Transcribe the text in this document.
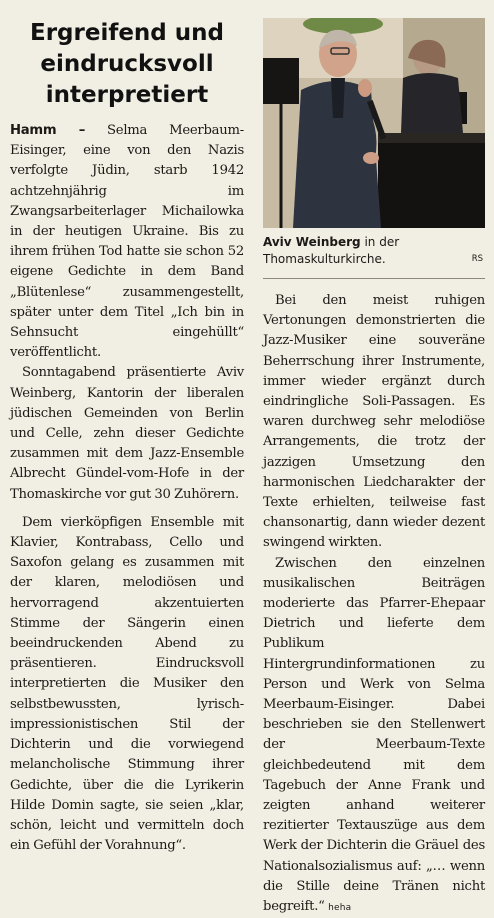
Ergreifend und
eindrucksvoll
interpretiert

Hamm – Selma Meerbaum-Eisinger, eine von den Nazis verfolgte Jüdin, starb 1942 achtzehnjährig im Zwangsarbeiterlager Michailowka in der heutigen Ukraine. Bis zu ihrem frühen Tod hatte sie schon 52 eigene Gedichte in dem Band „Blütenlese“ zusammengestellt, später unter dem Titel „Ich bin in Sehnsucht eingehüllt“ veröffentlicht.

Sonntagabend präsentierte Aviv Weinberg, Kantorin der liberalen jüdischen Gemeinden von Berlin und Celle, zehn dieser Gedichte zusammen mit dem Jazz-Ensemble Albrecht Gündel-vom-Hofe in der Thomaskirche vor gut 30 Zuhörern.

Dem vierköpfigen Ensemble mit Klavier, Kontrabass, Cello und Saxofon gelang es zusammen mit der klaren, melodiösen und hervorragend akzentuierten Stimme der Sängerin einen beeindruckenden Abend zu präsentieren. Eindrucksvoll interpretierten die Musiker den selbstbewussten, lyrisch-impressionistischen Stil der Dichterin und die vorwiegend melancholische Stimmung ihrer Gedichte, über die die Lyrikerin Hilde Domin sagte, sie seien „klar, schön, leicht und vermitteln doch ein Gefühl der Vorahnung“.

Aviv Weinberg in der Thomaskulturkirche.	RS

Bei den meist ruhigen Vertonungen demonstrierten die Jazz-Musiker eine souveräne Beherrschung ihrer Instrumente, immer wieder ergänzt durch eindringliche Soli-Passagen. Es waren durchweg sehr melodiöse Arrangements, die trotz der jazzigen Umsetzung den harmonischen Liedcharakter der Texte erhielten, teilweise fast chansonartig, dann wieder dezent swingend wirkten.

Zwischen den einzelnen musikalischen Beiträgen moderierte das Pfarrer-Ehepaar Dietrich und lieferte dem Publikum Hintergrundinformationen zu Person und Werk von Selma Meerbaum-Eisinger. Dabei beschrieben sie den Stellenwert der Meerbaum-Texte gleichbedeutend mit dem Tagebuch der Anne Frank und zeigten anhand weiterer rezitierter Textauszüge aus dem Werk der Dichterin die Gräuel des Nationalsozialismus auf: „… wenn die Stille deine Tränen nicht begreift.“ heha
